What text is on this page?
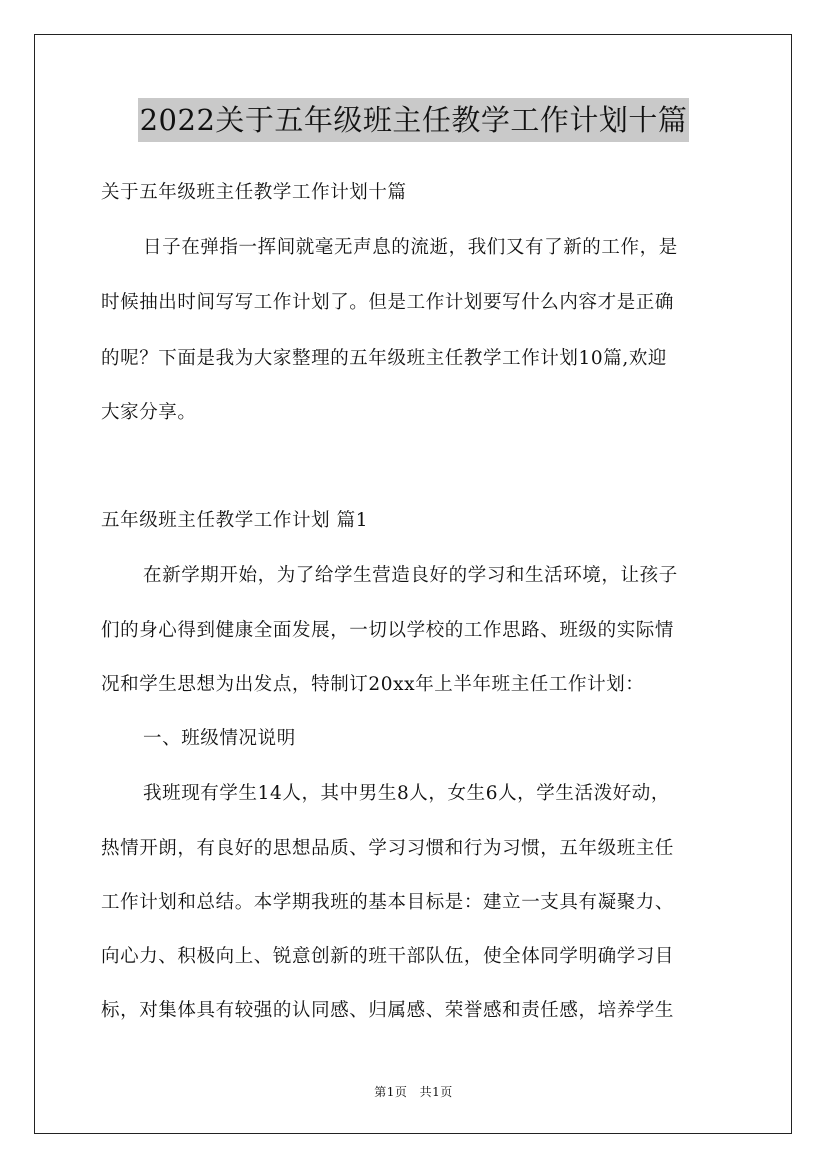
2022关于五年级班主任教学工作计划十篇
关于五年级班主任教学工作计划十篇
日子在弹指一挥间就毫无声息的流逝，我们又有了新的工作，是
时候抽出时间写写工作计划了。但是工作计划要写什么内容才是正确
的呢？下面是我为大家整理的五年级班主任教学工作计划10篇,欢迎
大家分享。
五年级班主任教学工作计划 篇1
在新学期开始，为了给学生营造良好的学习和生活环境，让孩子
们的身心得到健康全面发展，一切以学校的工作思路、班级的实际情
况和学生思想为出发点，特制订20xx年上半年班主任工作计划：
一、班级情况说明
我班现有学生14人，其中男生8人，女生6人，学生活泼好动，
热情开朗，有良好的思想品质、学习习惯和行为习惯，五年级班主任
工作计划和总结。本学期我班的基本目标是：建立一支具有凝聚力、
向心力、积极向上、锐意创新的班干部队伍，使全体同学明确学习目
标，对集体具有较强的认同感、归属感、荣誉感和责任感，培养学生
第1页 共1页
